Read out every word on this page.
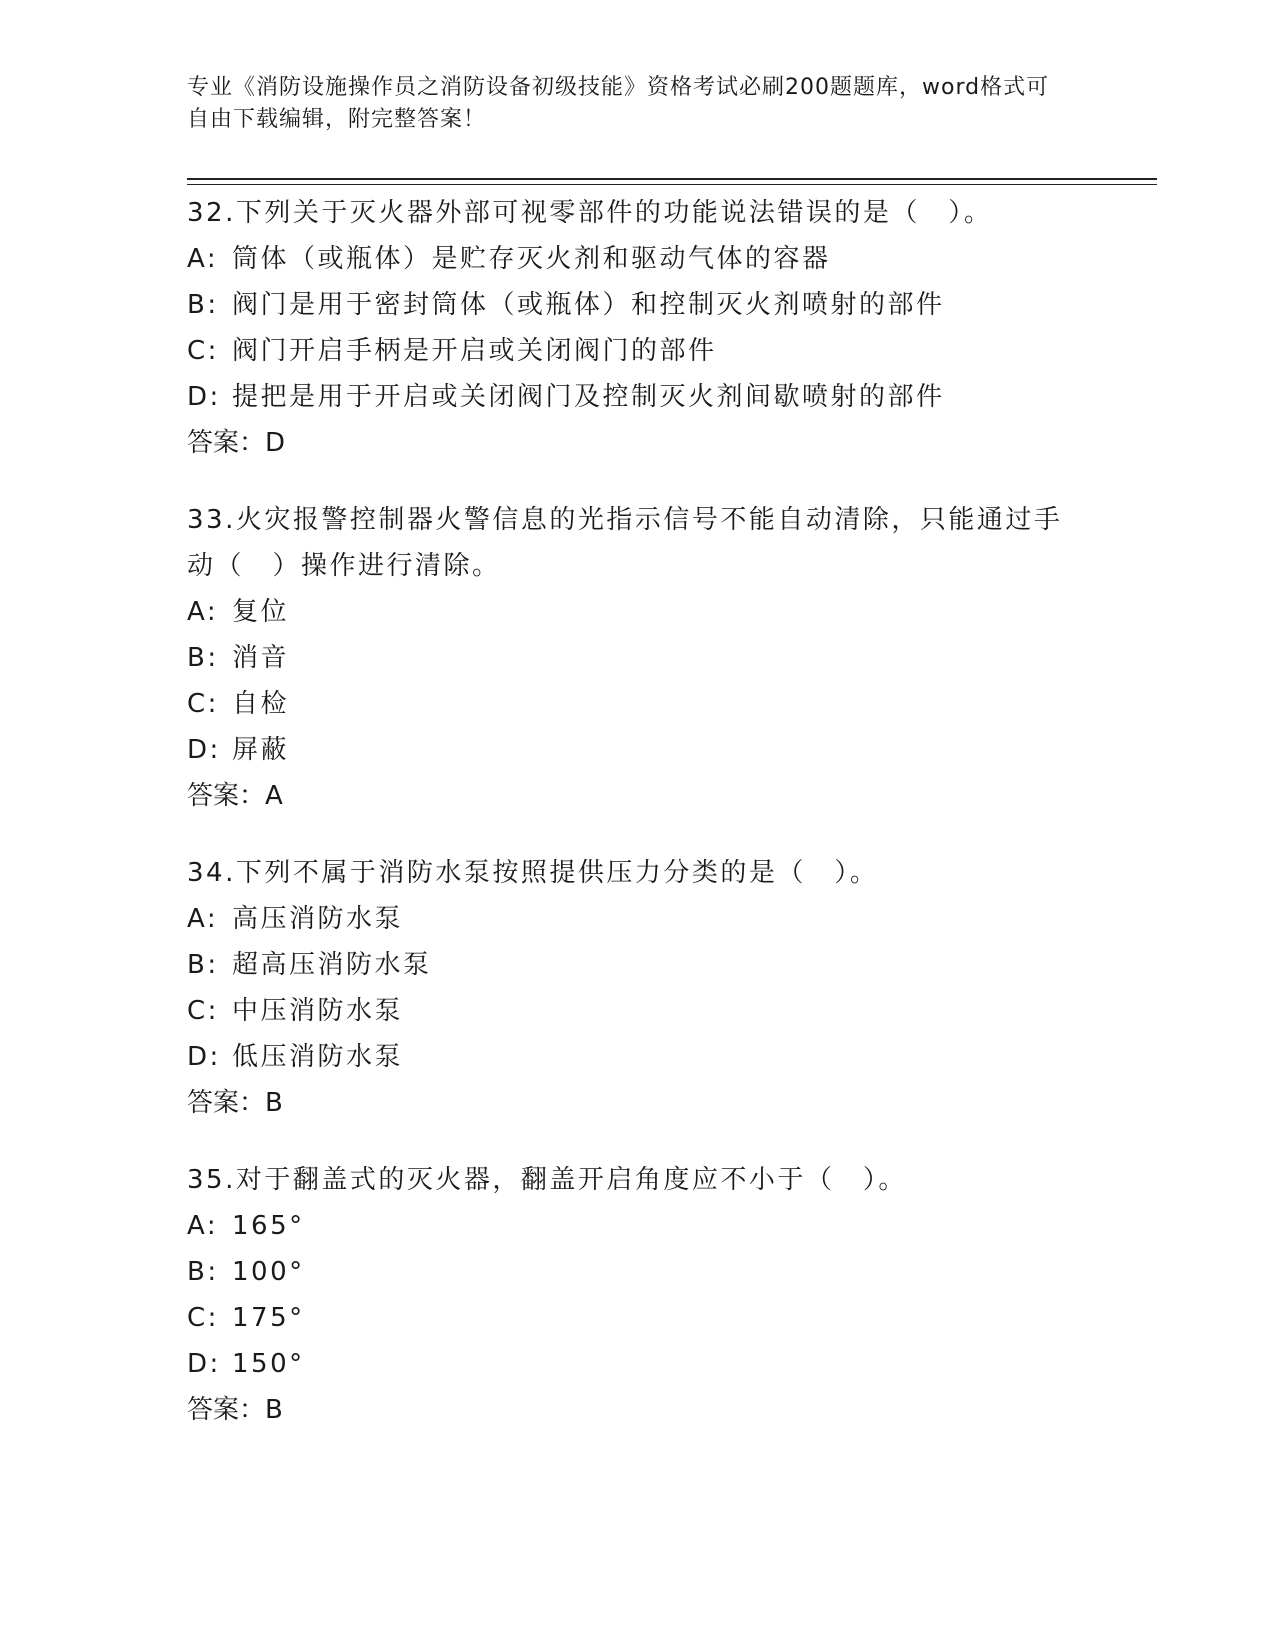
专业《消防设施操作员之消防设备初级技能》资格考试必刷200题题库，word格式可自由下载编辑，附完整答案！
32.下列关于灭火器外部可视零部件的功能说法错误的是（　）。
A: 筒体（或瓶体）是贮存灭火剂和驱动气体的容器
B: 阀门是用于密封筒体（或瓶体）和控制灭火剂喷射的部件
C: 阀门开启手柄是开启或关闭阀门的部件
D: 提把是用于开启或关闭阀门及控制灭火剂间歇喷射的部件
答案：D
33.火灾报警控制器火警信息的光指示信号不能自动清除，只能通过手动（　）操作进行清除。
A: 复位
B: 消音
C: 自检
D: 屏蔽
答案：A
34.下列不属于消防水泵按照提供压力分类的是（　）。
A: 高压消防水泵
B: 超高压消防水泵
C: 中压消防水泵
D: 低压消防水泵
答案：B
35.对于翻盖式的灭火器，翻盖开启角度应不小于（　）。
A: 165°
B: 100°
C: 175°
D: 150°
答案：B
